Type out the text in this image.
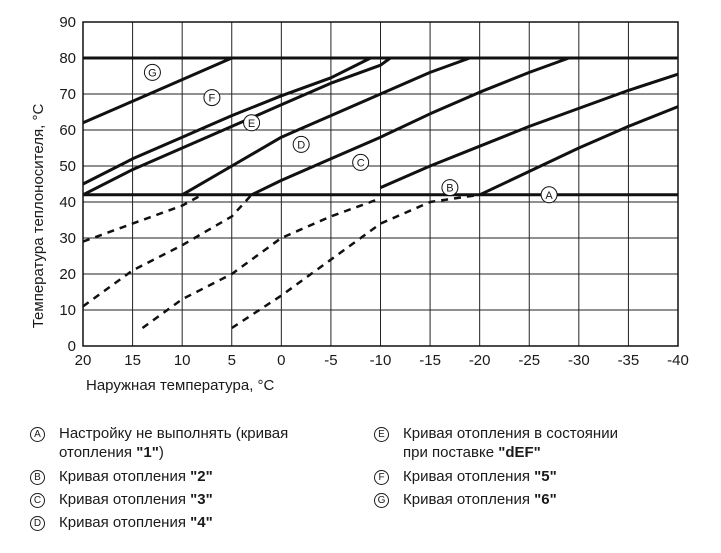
A
B
C
D
E
F
G
20 15 10 5	0	-5 -10 -15 -20 -25 -30 -35 -40
0
10
20
30
40
50
60
70
80
90
Наружная температура, °C
Температура теплоносителя, °C
A Настройку не выполнять (кривая
отопления "1")
B Кривая отопления "2"
C Кривая отопления "3"
D Кривая отопления "4"
E Кривая отопления в состоянии
при поставке "dEF"
F Кривая отопления "5"
G Кривая отопления "6"
